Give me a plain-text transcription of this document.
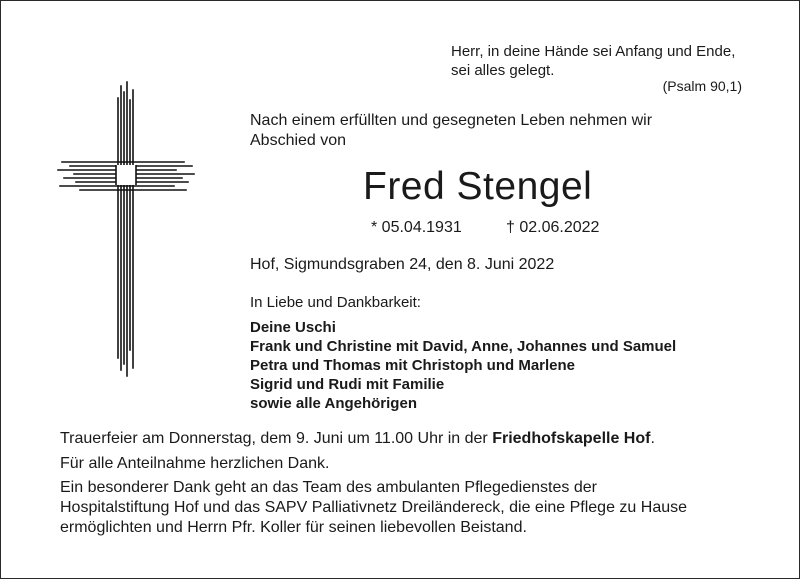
Herr, in deine Hände sei Anfang und Ende,
sei alles gelegt.
(Psalm 90,1)
Nach einem erfüllten und gesegneten Leben nehmen wir
Abschied von
Fred Stengel
* 05.04.1931	† 02.06.2022
Hof, Sigmundsgraben 24, den 8. Juni 2022
In Liebe und Dankbarkeit:
Deine Uschi
Frank und Christine mit David, Anne, Johannes und Samuel
Petra und Thomas mit Christoph und Marlene
Sigrid und Rudi mit Familie
sowie alle Angehörigen
Trauerfeier am Donnerstag, dem 9. Juni um 11.00 Uhr in der Friedhofskapelle Hof.
Für alle Anteilnahme herzlichen Dank.
Ein besonderer Dank geht an das Team des ambulanten Pflegedienstes der
Hospitalstiftung Hof und das SAPV Palliativnetz Dreiländereck, die eine Pflege zu Hause
ermöglichten und Herrn Pfr. Koller für seinen liebevollen Beistand.
